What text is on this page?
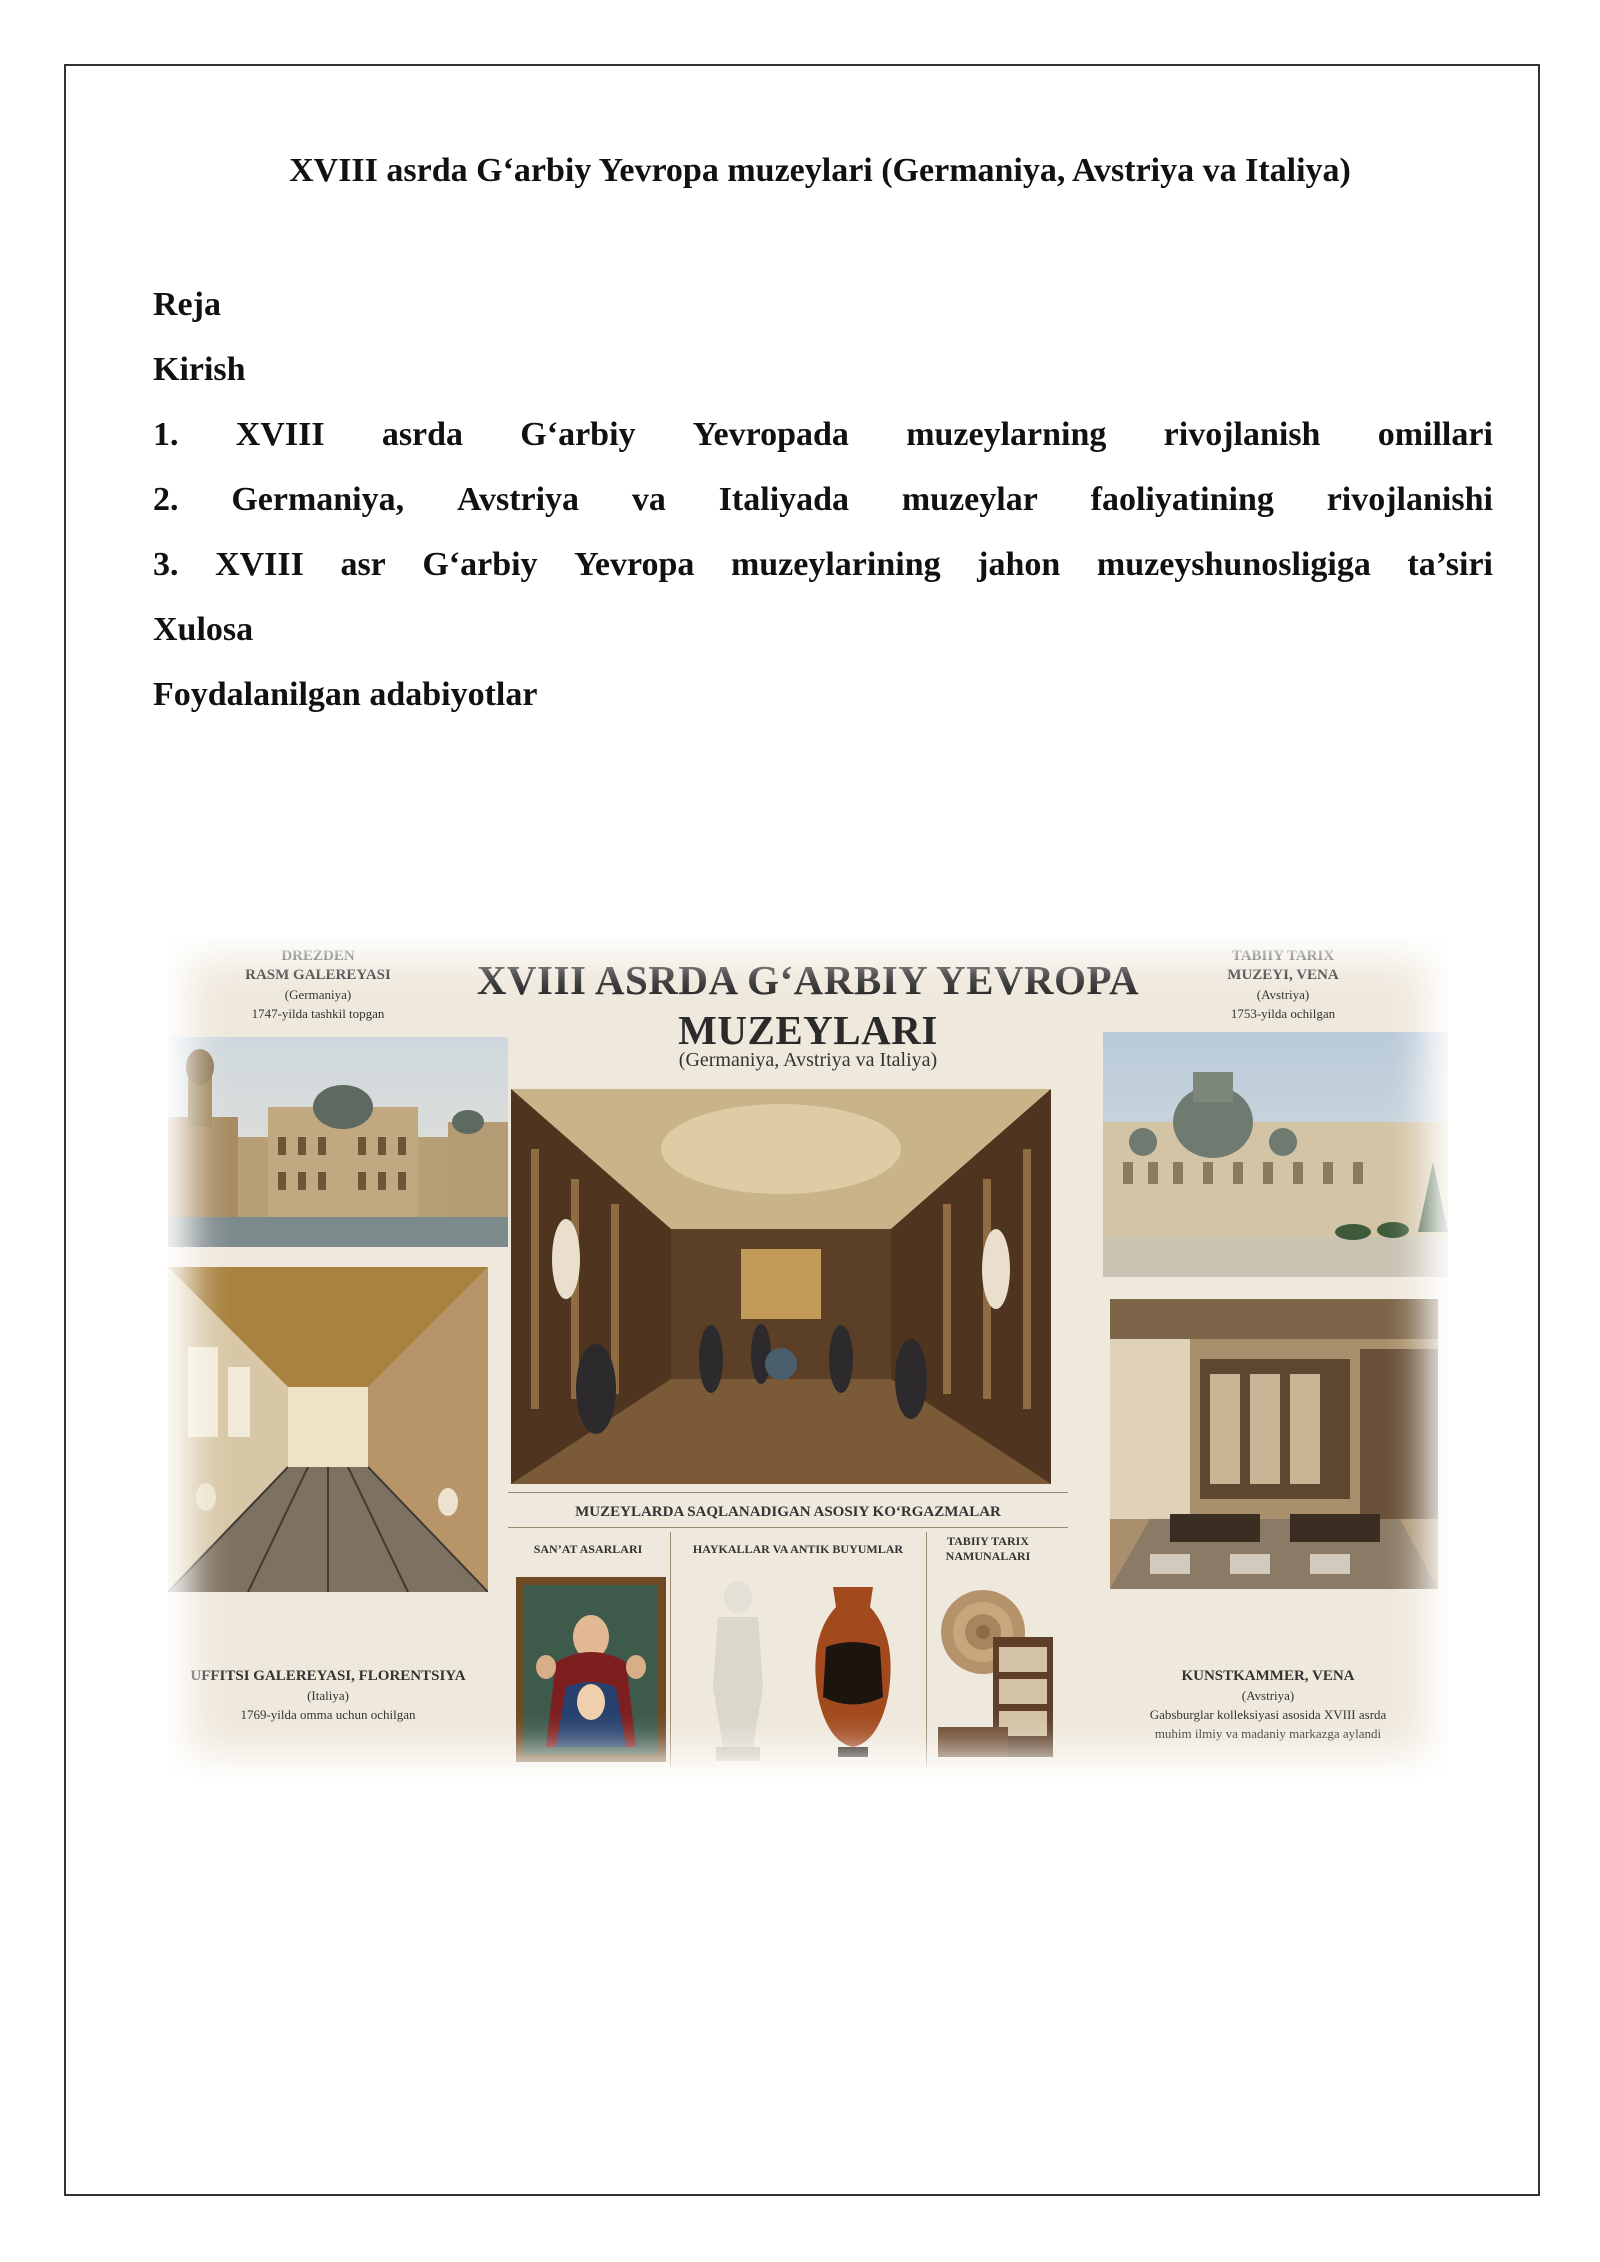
XVIII asrda G‘arbiy Yevropa muzeylari (Germaniya, Avstriya va Italiya)
Reja
Kirish
1. XVIII asrda G‘arbiy Yevropada muzeylarning rivojlanish omillari
2. Germaniya, Avstriya va Italiyada muzeylar faoliyatining rivojlanishi
3. XVIII asr G‘arbiy Yevropa muzeylarining jahon muzeyshunosligiga ta’siri
Xulosa
Foydalanilgan adabiyotlar
DREZDEN
RASM GALEREYASI
(Germaniya)
1747-yilda tashkil topgan
UFFITSI GALEREYASI, FLORENTSIYA
(Italiya)
1769-yilda omma uchun ochilgan
XVIII ASRDA G‘ARBIY YEVROPA
MUZEYLARI
(Germaniya, Avstriya va Italiya)
TABIIY TARIX
MUZEYI, VENA
(Avstriya)
1753-yilda ochilgan
KUNSTKAMMER, VENA
(Avstriya)
Gabsburglar kolleksiyasi asosida XVIII asrda
muhim ilmiy va madaniy markazga aylandi
MUZEYLARDA SAQLANADIGAN ASOSIY KO‘RGAZMALAR
SAN’AT ASARLARI	HAYKALLAR VA ANTIK BUYUMLAR
TABIIY TARIX
NAMUNALARI
